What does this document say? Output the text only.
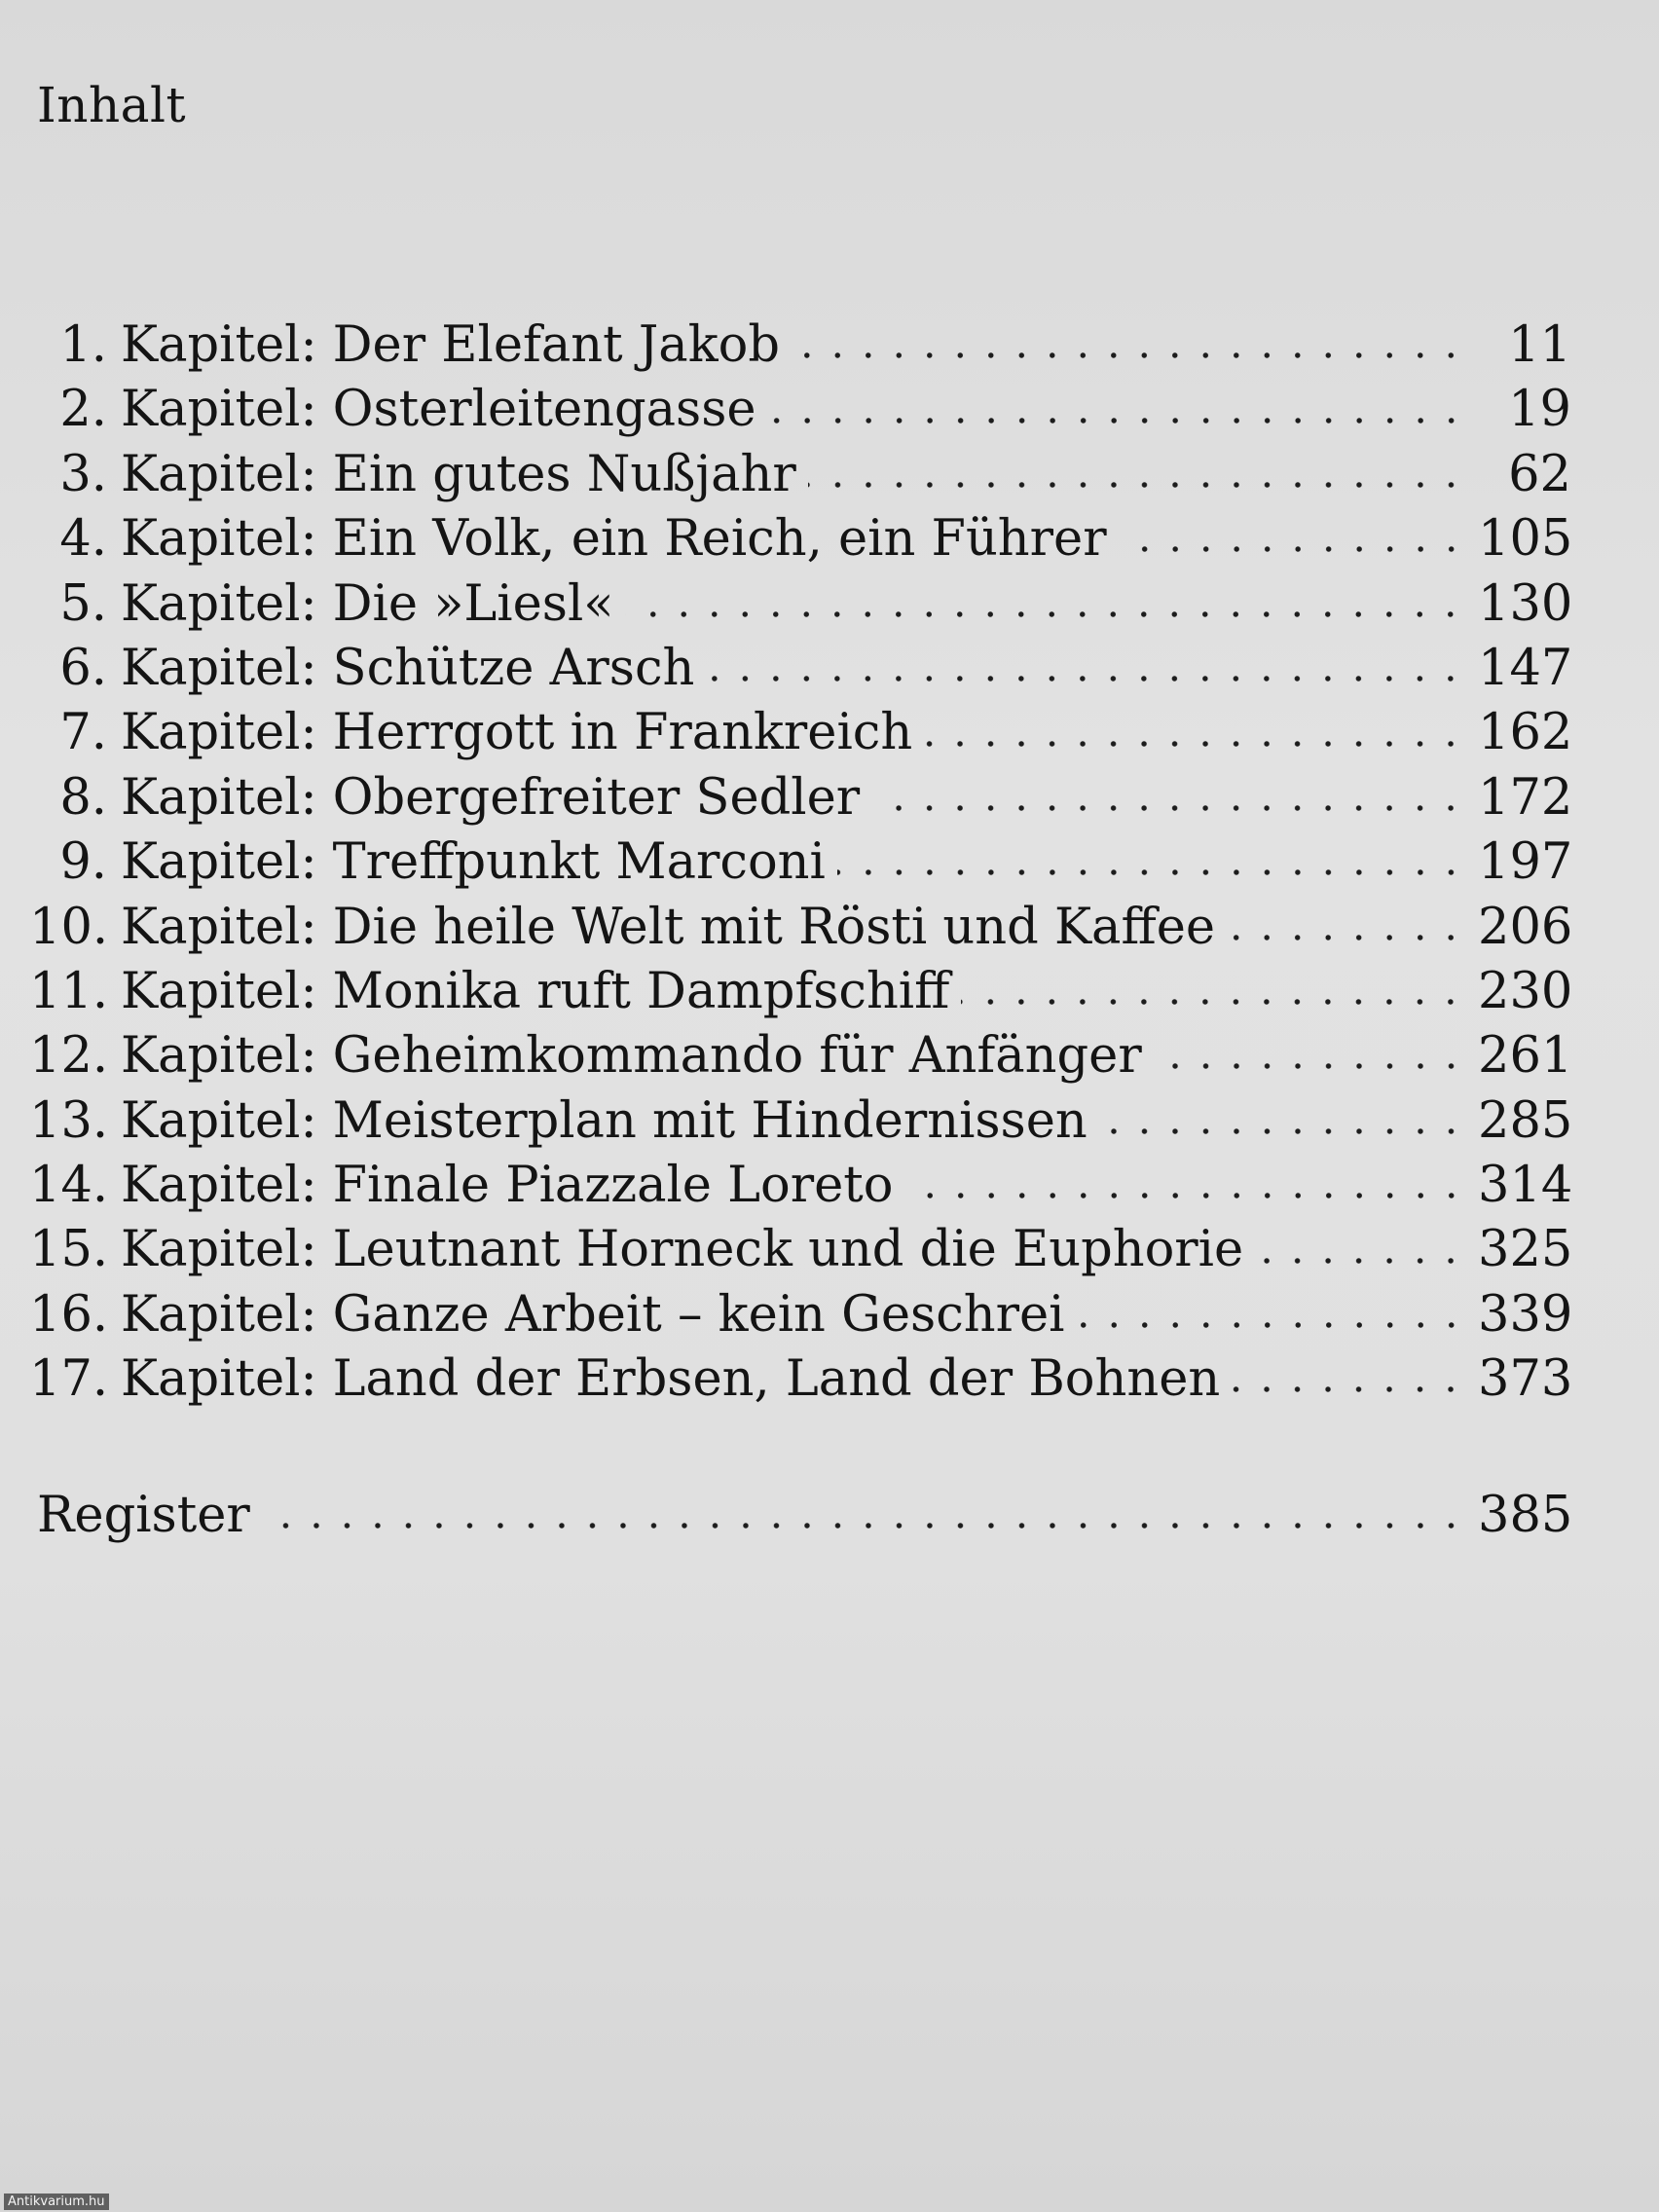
Inhalt
1. Kapitel: Der Elefant Jakob	11
2. Kapitel: Osterleitengasse	19
3. Kapitel: Ein gutes Nußjahr	62
4. Kapitel: Ein Volk, ein Reich, ein Führer	105
5. Kapitel: Die »Liesl«	130
6. Kapitel: Schütze Arsch	147
7. Kapitel: Herrgott in Frankreich	162
8. Kapitel: Obergefreiter Sedler	172
9. Kapitel: Treffpunkt Marconi	197
10. Kapitel: Die heile Welt mit Rösti und Kaffee	206
11. Kapitel: Monika ruft Dampfschiff	230
12. Kapitel: Geheimkommando für Anfänger	261
13. Kapitel: Meisterplan mit Hindernissen	285
14. Kapitel: Finale Piazzale Loreto	314
15. Kapitel: Leutnant Horneck und die Euphorie	325
16. Kapitel: Ganze Arbeit – kein Geschrei	339
17. Kapitel: Land der Erbsen, Land der Bohnen	373
Register	385
Antikvarium.hu
